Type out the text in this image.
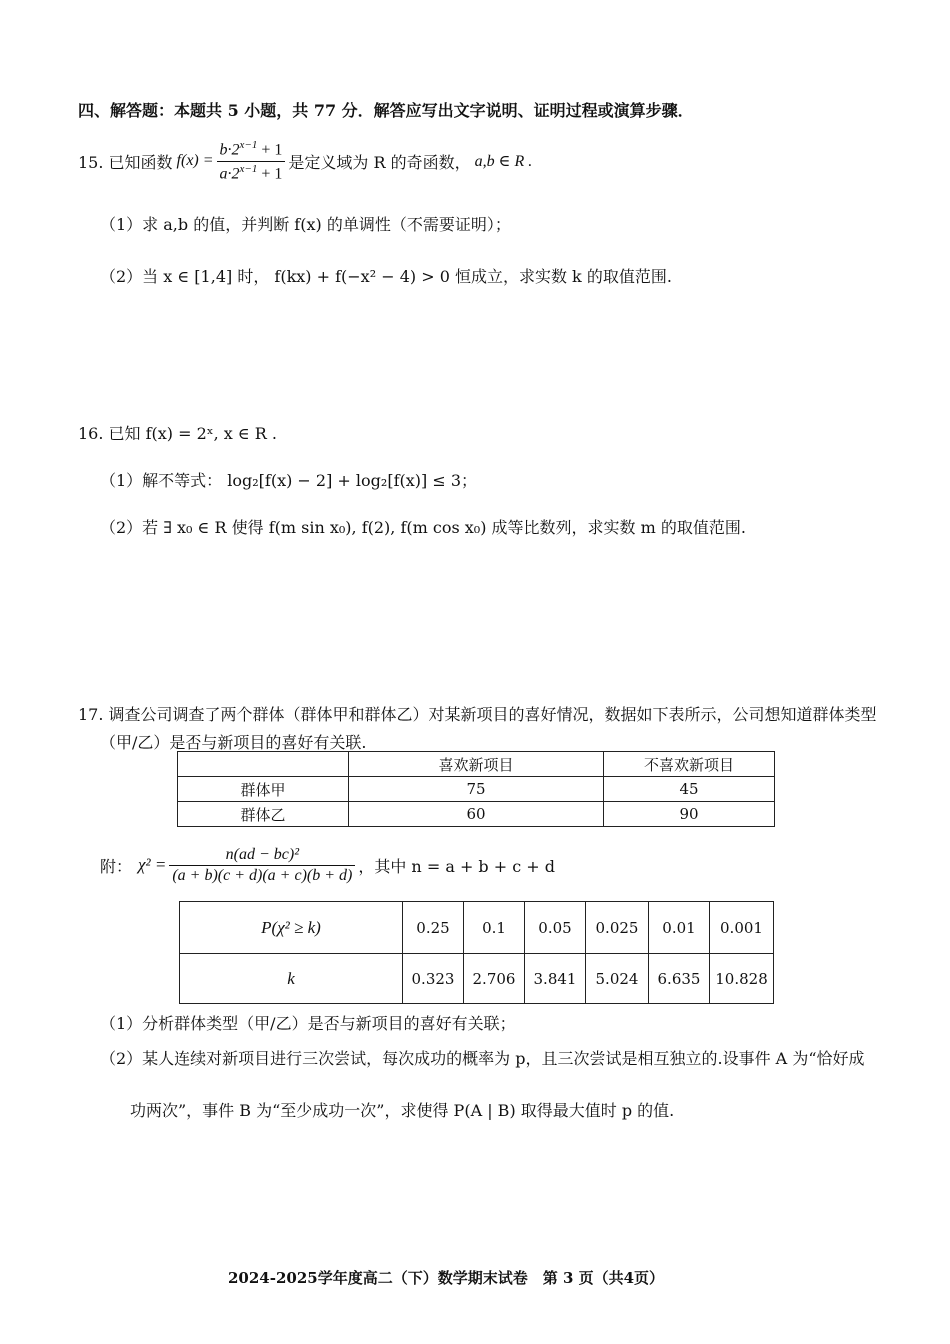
四、解答题：本题共 5 小题，共 77 分．解答应写出文字说明、证明过程或演算步骤．
15. 已知函数 $f(x) = \frac{b\cdot 2^{x-1} + 1}{a\cdot 2^{x-1} + 1}$ 是定义域为 R 的奇函数， a,b ∈ R .
（1）求 a,b 的值，并判断 f(x) 的单调性（不需要证明）；
（2）当 x ∈ [1,4] 时， f(kx) + f(−x² − 4) > 0 恒成立，求实数 k 的取值范围.
16. 已知 f(x) = 2ˣ, x ∈ R .
（1）解不等式： log₂[f(x) − 2] + log₂[f(x)] ≤ 3；
（2）若 ∃ x₀ ∈ R 使得 f(m sin x₀), f(2), f(m cos x₀) 成等比数列，求实数 m 的取值范围.
17. 调查公司调查了两个群体（群体甲和群体乙）对某新项目的喜好情况，数据如下表所示，公司想知道群体类型
（甲/乙）是否与新项目的喜好有关联.
	喜欢新项目	不喜欢新项目
群体甲	75	45
群体乙	60	90
附： $\chi^2 = \frac{\text{n(ad − bc)²}}{(a + b)(c + d)(a + c)(b + d)}$ ，其中 n = a + b + c + d
P(χ² ≥ k)	0.25	0.1	0.05	0.025	0.01	0.001
k	0.323	2.706	3.841	5.024	6.635	10.828
（1）分析群体类型（甲/乙）是否与新项目的喜好有关联；
（2）某人连续对新项目进行三次尝试，每次成功的概率为 p，且三次尝试是相互独立的.设事件 A 为“恰好成
功两次”，事件 B 为“至少成功一次”，求使得 P(A | B) 取得最大值时 p 的值.
2024-2025学年度高二（下）数学期末试卷　第 3 页（共4页）
